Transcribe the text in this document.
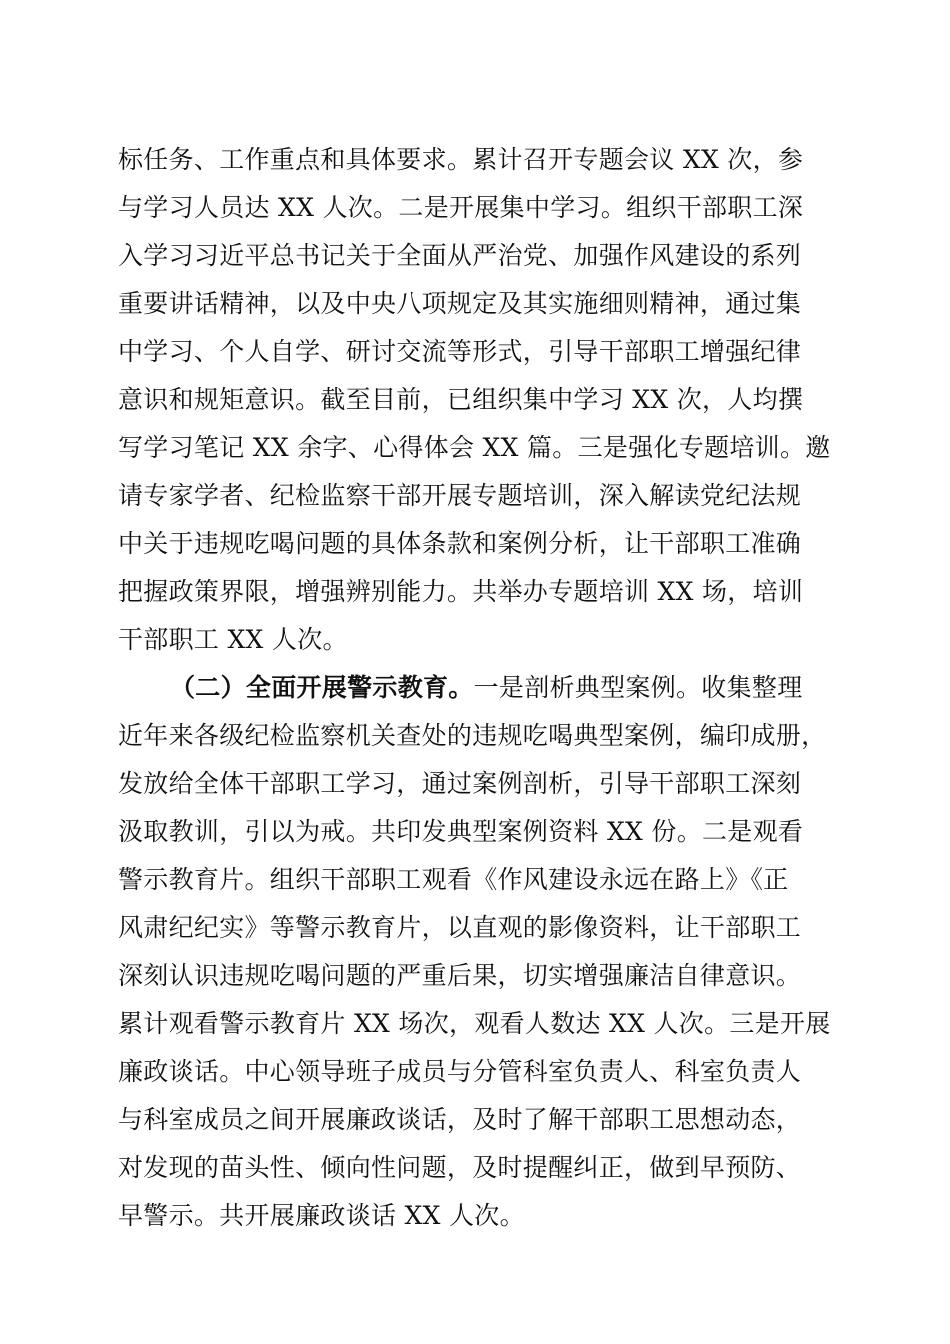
标任务、工作重点和具体要求。累计召开专题会议 XX 次，参
与学习人员达 XX 人次。二是开展集中学习。组织干部职工深
入学习习近平总书记关于全面从严治党、加强作风建设的系列
重要讲话精神，以及中央八项规定及其实施细则精神，通过集
中学习、个人自学、研讨交流等形式，引导干部职工增强纪律
意识和规矩意识。截至目前，已组织集中学习 XX 次，人均撰
写学习笔记 XX 余字、心得体会 XX 篇。三是强化专题培训。邀
请专家学者、纪检监察干部开展专题培训，深入解读党纪法规
中关于违规吃喝问题的具体条款和案例分析，让干部职工准确
把握政策界限，增强辨别能力。共举办专题培训 XX 场，培训
干部职工 XX 人次。
（二）全面开展警示教育。一是剖析典型案例。收集整理
近年来各级纪检监察机关查处的违规吃喝典型案例，编印成册，
发放给全体干部职工学习，通过案例剖析，引导干部职工深刻
汲取教训，引以为戒。共印发典型案例资料 XX 份。二是观看
警示教育片。组织干部职工观看《作风建设永远在路上》《正
风肃纪纪实》等警示教育片，以直观的影像资料，让干部职工
深刻认识违规吃喝问题的严重后果，切实增强廉洁自律意识。
累计观看警示教育片 XX 场次，观看人数达 XX 人次。三是开展
廉政谈话。中心领导班子成员与分管科室负责人、科室负责人
与科室成员之间开展廉政谈话，及时了解干部职工思想动态，
对发现的苗头性、倾向性问题，及时提醒纠正，做到早预防、
早警示。共开展廉政谈话 XX 人次。
